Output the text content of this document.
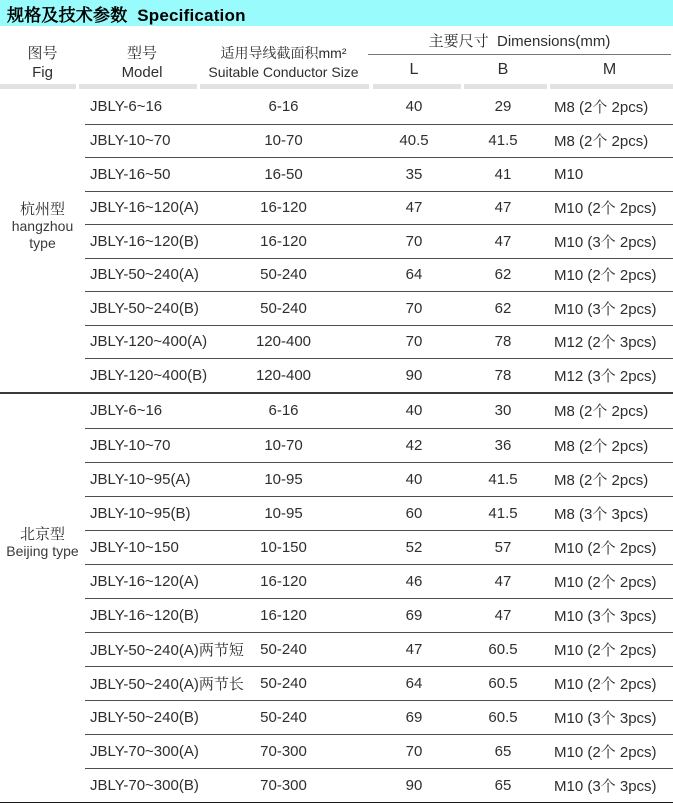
规格及技术参数  Specification
图号
Fig
型号
Model
适用导线截面积mm²
Suitable Conductor Size
主要尺寸  Dimensions(mm)
L	B	M
杭州型
hangzhou
type
JBLY-6~16	6-16	40	29	M8 (2个 2pcs)
JBLY-10~70	10-70	40.5	41.5	M8 (2个 2pcs)
JBLY-16~50	16-50	35	41	M10
JBLY-16~120(A)	16-120	47	47	M10 (2个 2pcs)
JBLY-16~120(B)	16-120	70	47	M10 (3个 2pcs)
JBLY-50~240(A)	50-240	64	62	M10 (2个 2pcs)
JBLY-50~240(B)	50-240	70	62	M10 (3个 2pcs)
JBLY-120~400(A)	120-400	70	78	M12 (2个 3pcs)
JBLY-120~400(B)	120-400	90	78	M12 (3个 2pcs)
北京型
Beijing type
JBLY-6~16	6-16	40	30	M8 (2个 2pcs)
JBLY-10~70	10-70	42	36	M8 (2个 2pcs)
JBLY-10~95(A)	10-95	40	41.5	M8 (2个 2pcs)
JBLY-10~95(B)	10-95	60	41.5	M8 (3个 3pcs)
JBLY-10~150	10-150	52	57	M10 (2个 2pcs)
JBLY-16~120(A)	16-120	46	47	M10 (2个 2pcs)
JBLY-16~120(B)	16-120	69	47	M10 (3个 3pcs)
JBLY-50~240(A)两节短	50-240	47	60.5	M10 (2个 2pcs)
JBLY-50~240(A)两节长	50-240	64	60.5	M10 (2个 2pcs)
JBLY-50~240(B)	50-240	69	60.5	M10 (3个 3pcs)
JBLY-70~300(A)	70-300	70	65	M10 (2个 2pcs)
JBLY-70~300(B)	70-300	90	65	M10 (3个 3pcs)
